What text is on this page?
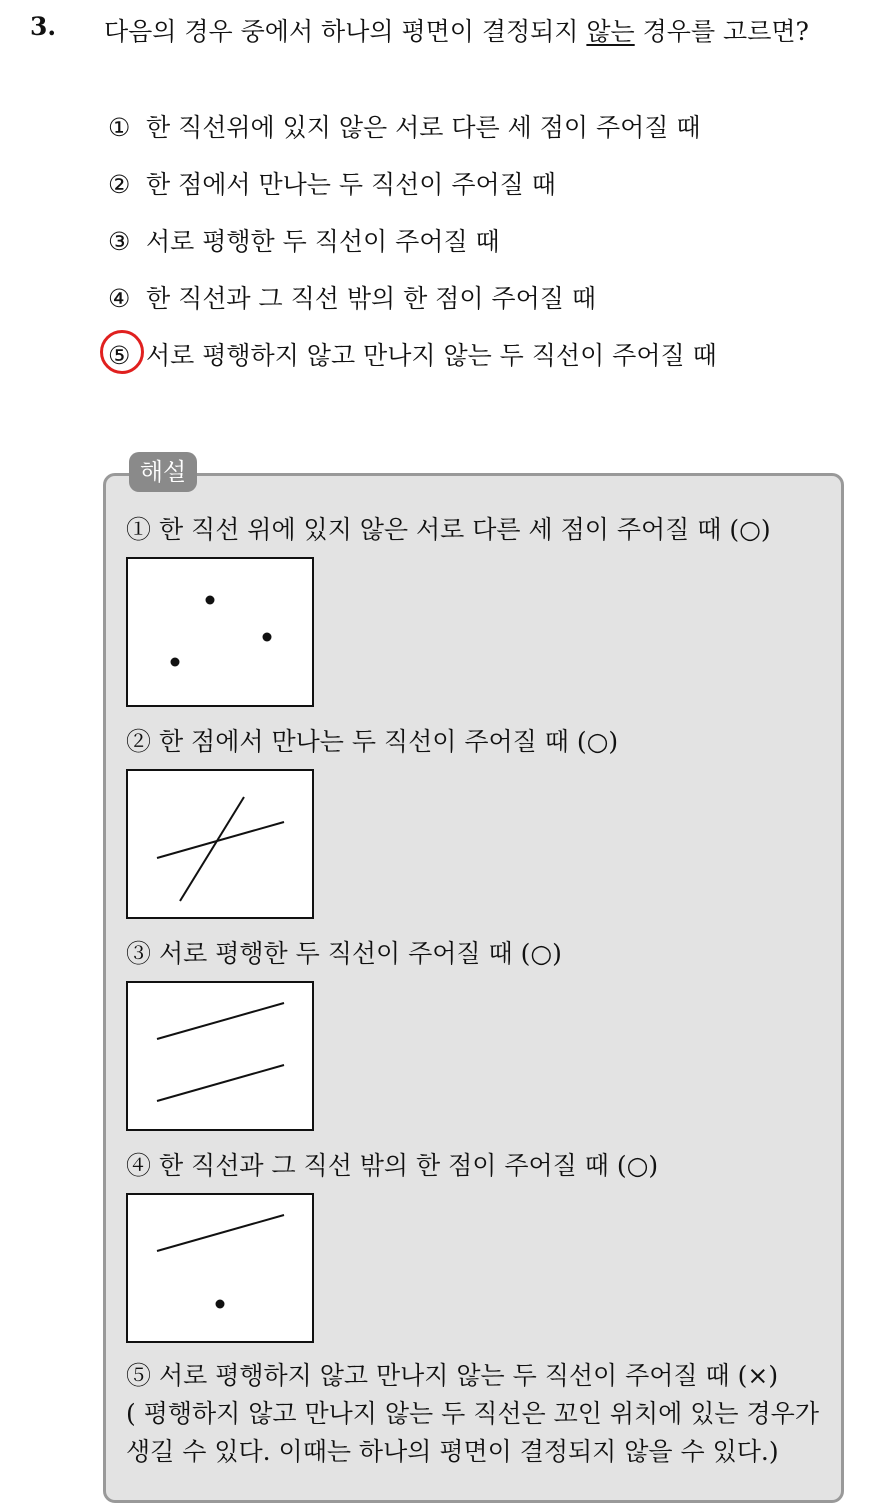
3. 다음의 경우 중에서 하나의 평면이 결정되지 않는 경우를 고르면?
① 한 직선위에 있지 않은 서로 다른 세 점이 주어질 때
② 한 점에서 만나는 두 직선이 주어질 때
③ 서로 평행한 두 직선이 주어질 때
④ 한 직선과 그 직선 밖의 한 점이 주어질 때
⑤ 서로 평행하지 않고 만나지 않는 두 직선이 주어질 때
해설
① 한 직선 위에 있지 않은 서로 다른 세 점이 주어질 때 (○)
② 한 점에서 만나는 두 직선이 주어질 때 (○)
③ 서로 평행한 두 직선이 주어질 때 (○)
④ 한 직선과 그 직선 밖의 한 점이 주어질 때 (○)
⑤ 서로 평행하지 않고 만나지 않는 두 직선이 주어질 때 (×)
( 평행하지 않고 만나지 않는 두 직선은 꼬인 위치에 있는 경우가
생길 수 있다. 이때는 하나의 평면이 결정되지 않을 수 있다.)
